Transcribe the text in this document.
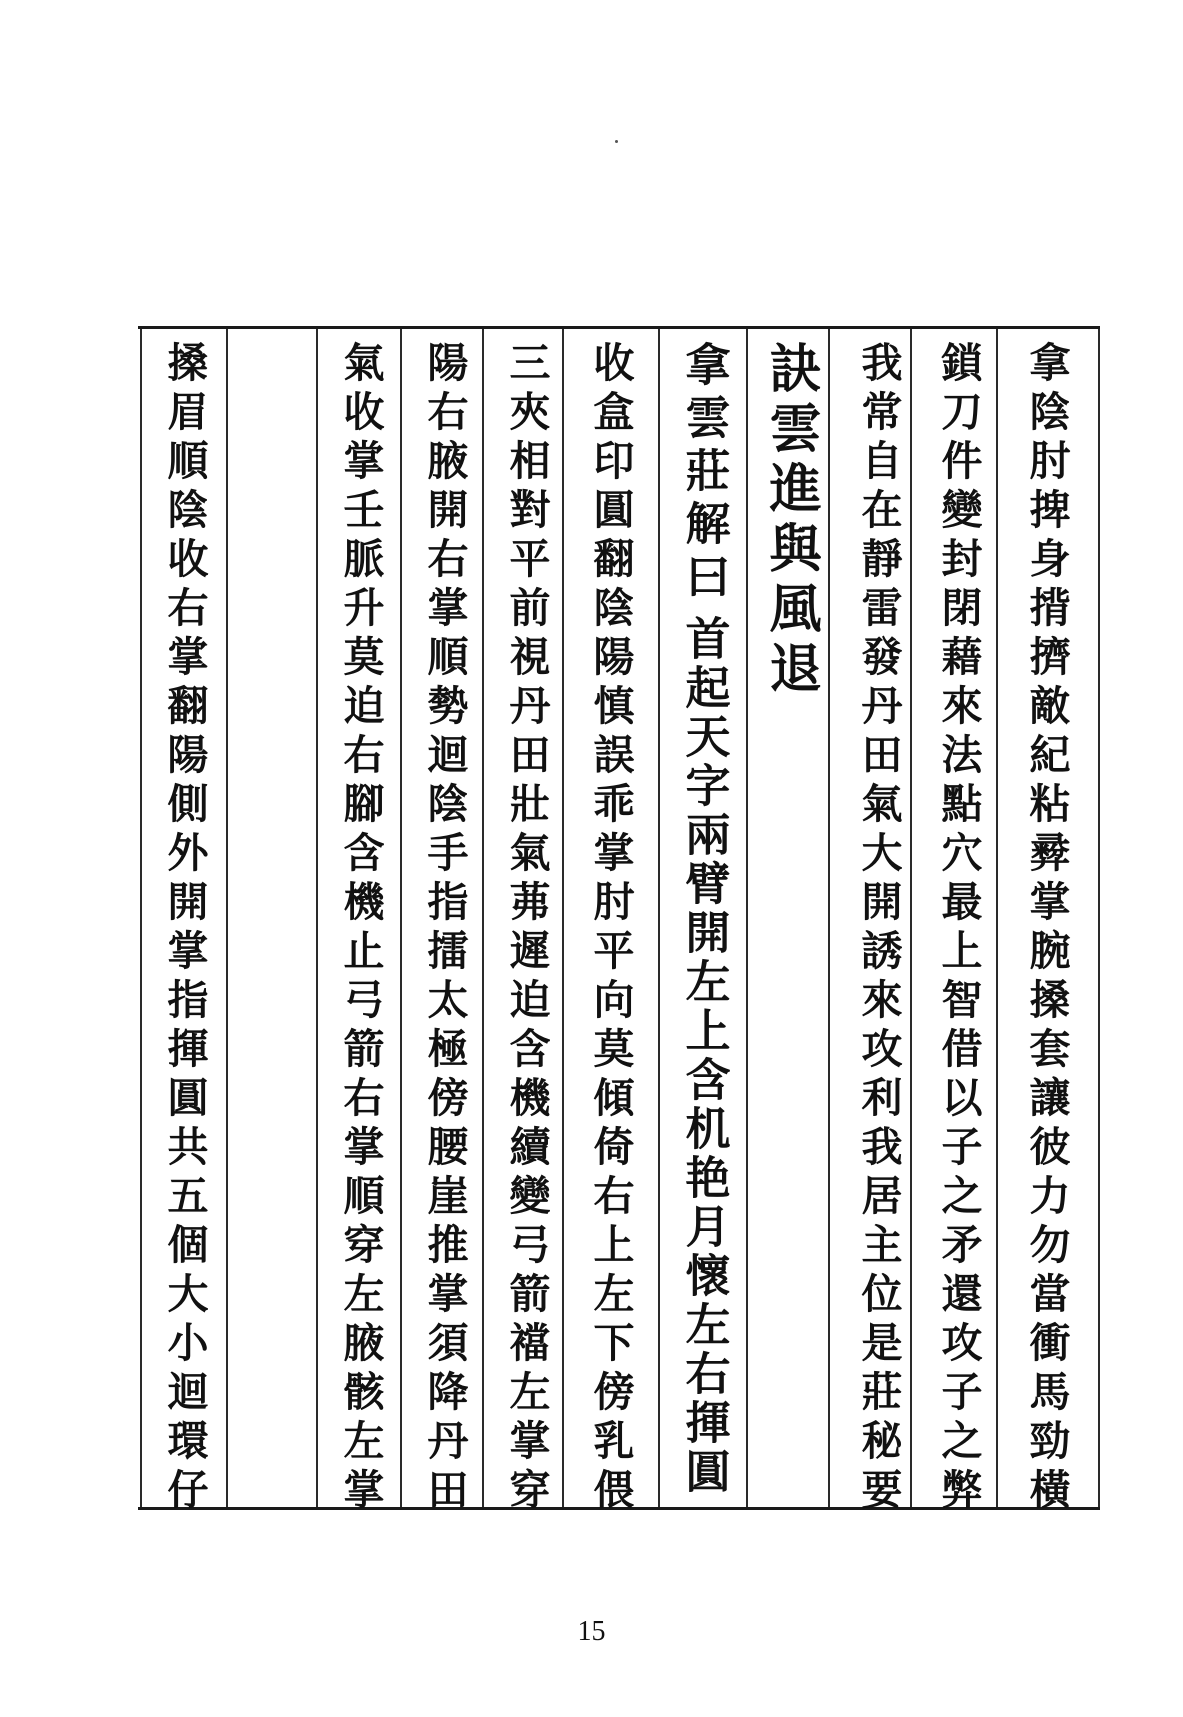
拿陰肘捭身揹擠敵紀粘彛掌腕搡套讓彼力勿當衝馬勁橫
鎖刀件變封閉藉來法點穴最上智借以子之矛還攻子之弊
我常自在靜雷發丹田氣大開誘來攻利我居主位是莊秘要
訣雲進與風退
拿雲莊解曰
首起天字兩臂開左上含机艳月懷左右揮圓
收盒印圓翻陰陽慎誤乖掌肘平向莫傾倚右上左下傍乳偎
三夾相對平前視丹田壯氣茀遲迫含機續變弓箭襠左掌穿
陽右腋開右掌順勢迴陰手指擂太極傍腰崖推掌須降丹田
氣收掌壬脈升莫迫右腳含機止弓箭右掌順穿左腋骸左掌
搡眉順陰收右掌翻陽側外開掌指揮圓共五個大小迴環仔
15
